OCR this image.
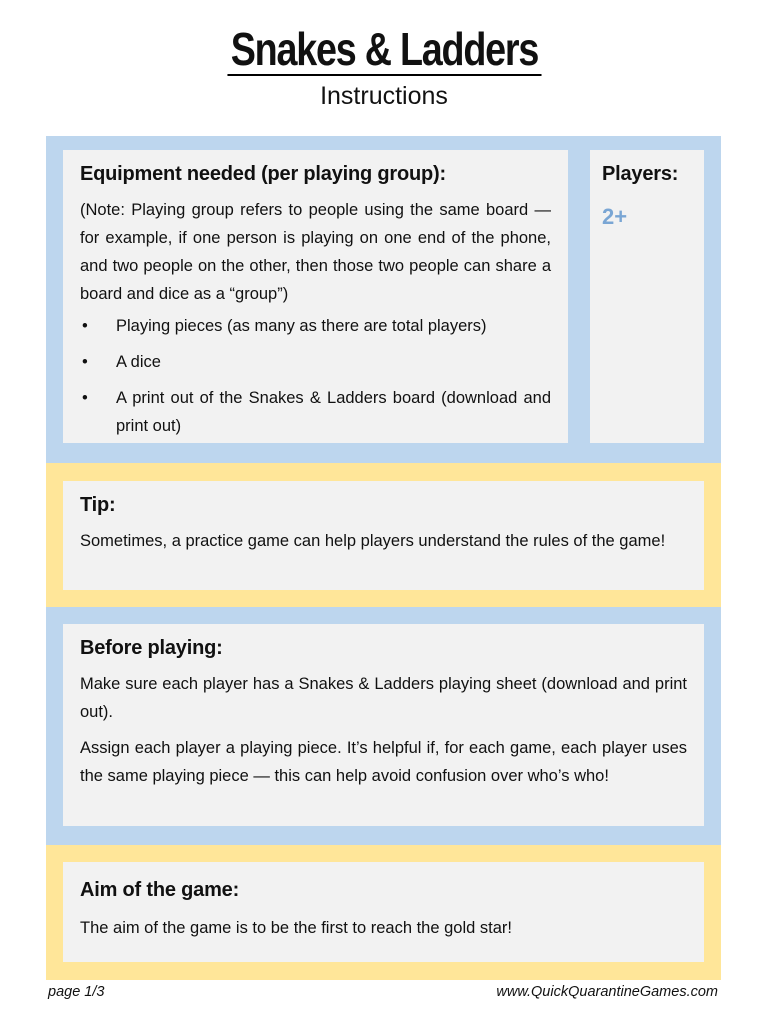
Snakes & Ladders
Instructions
Equipment needed (per playing group):

(Note: Playing group refers to people using the same board — for example, if one person is playing on one end of the phone, and two people on the other, then those two people can share a board and dice as a “group”)

• Playing pieces (as many as there are total players)
• A dice
• A print out of the Snakes & Ladders board (download and print out)
Players:
2+
Tip:

Sometimes, a practice game can help players understand the rules of the game!

Before playing:

Make sure each player has a Snakes & Ladders playing sheet (download and print out).

Assign each player a playing piece. It’s helpful if, for each game, each player uses the same playing piece — this can help avoid confusion over who’s who!

Aim of the game:

The aim of the game is to be the first to reach the gold star!

page 1/3	www.QuickQuarantineGames.com
